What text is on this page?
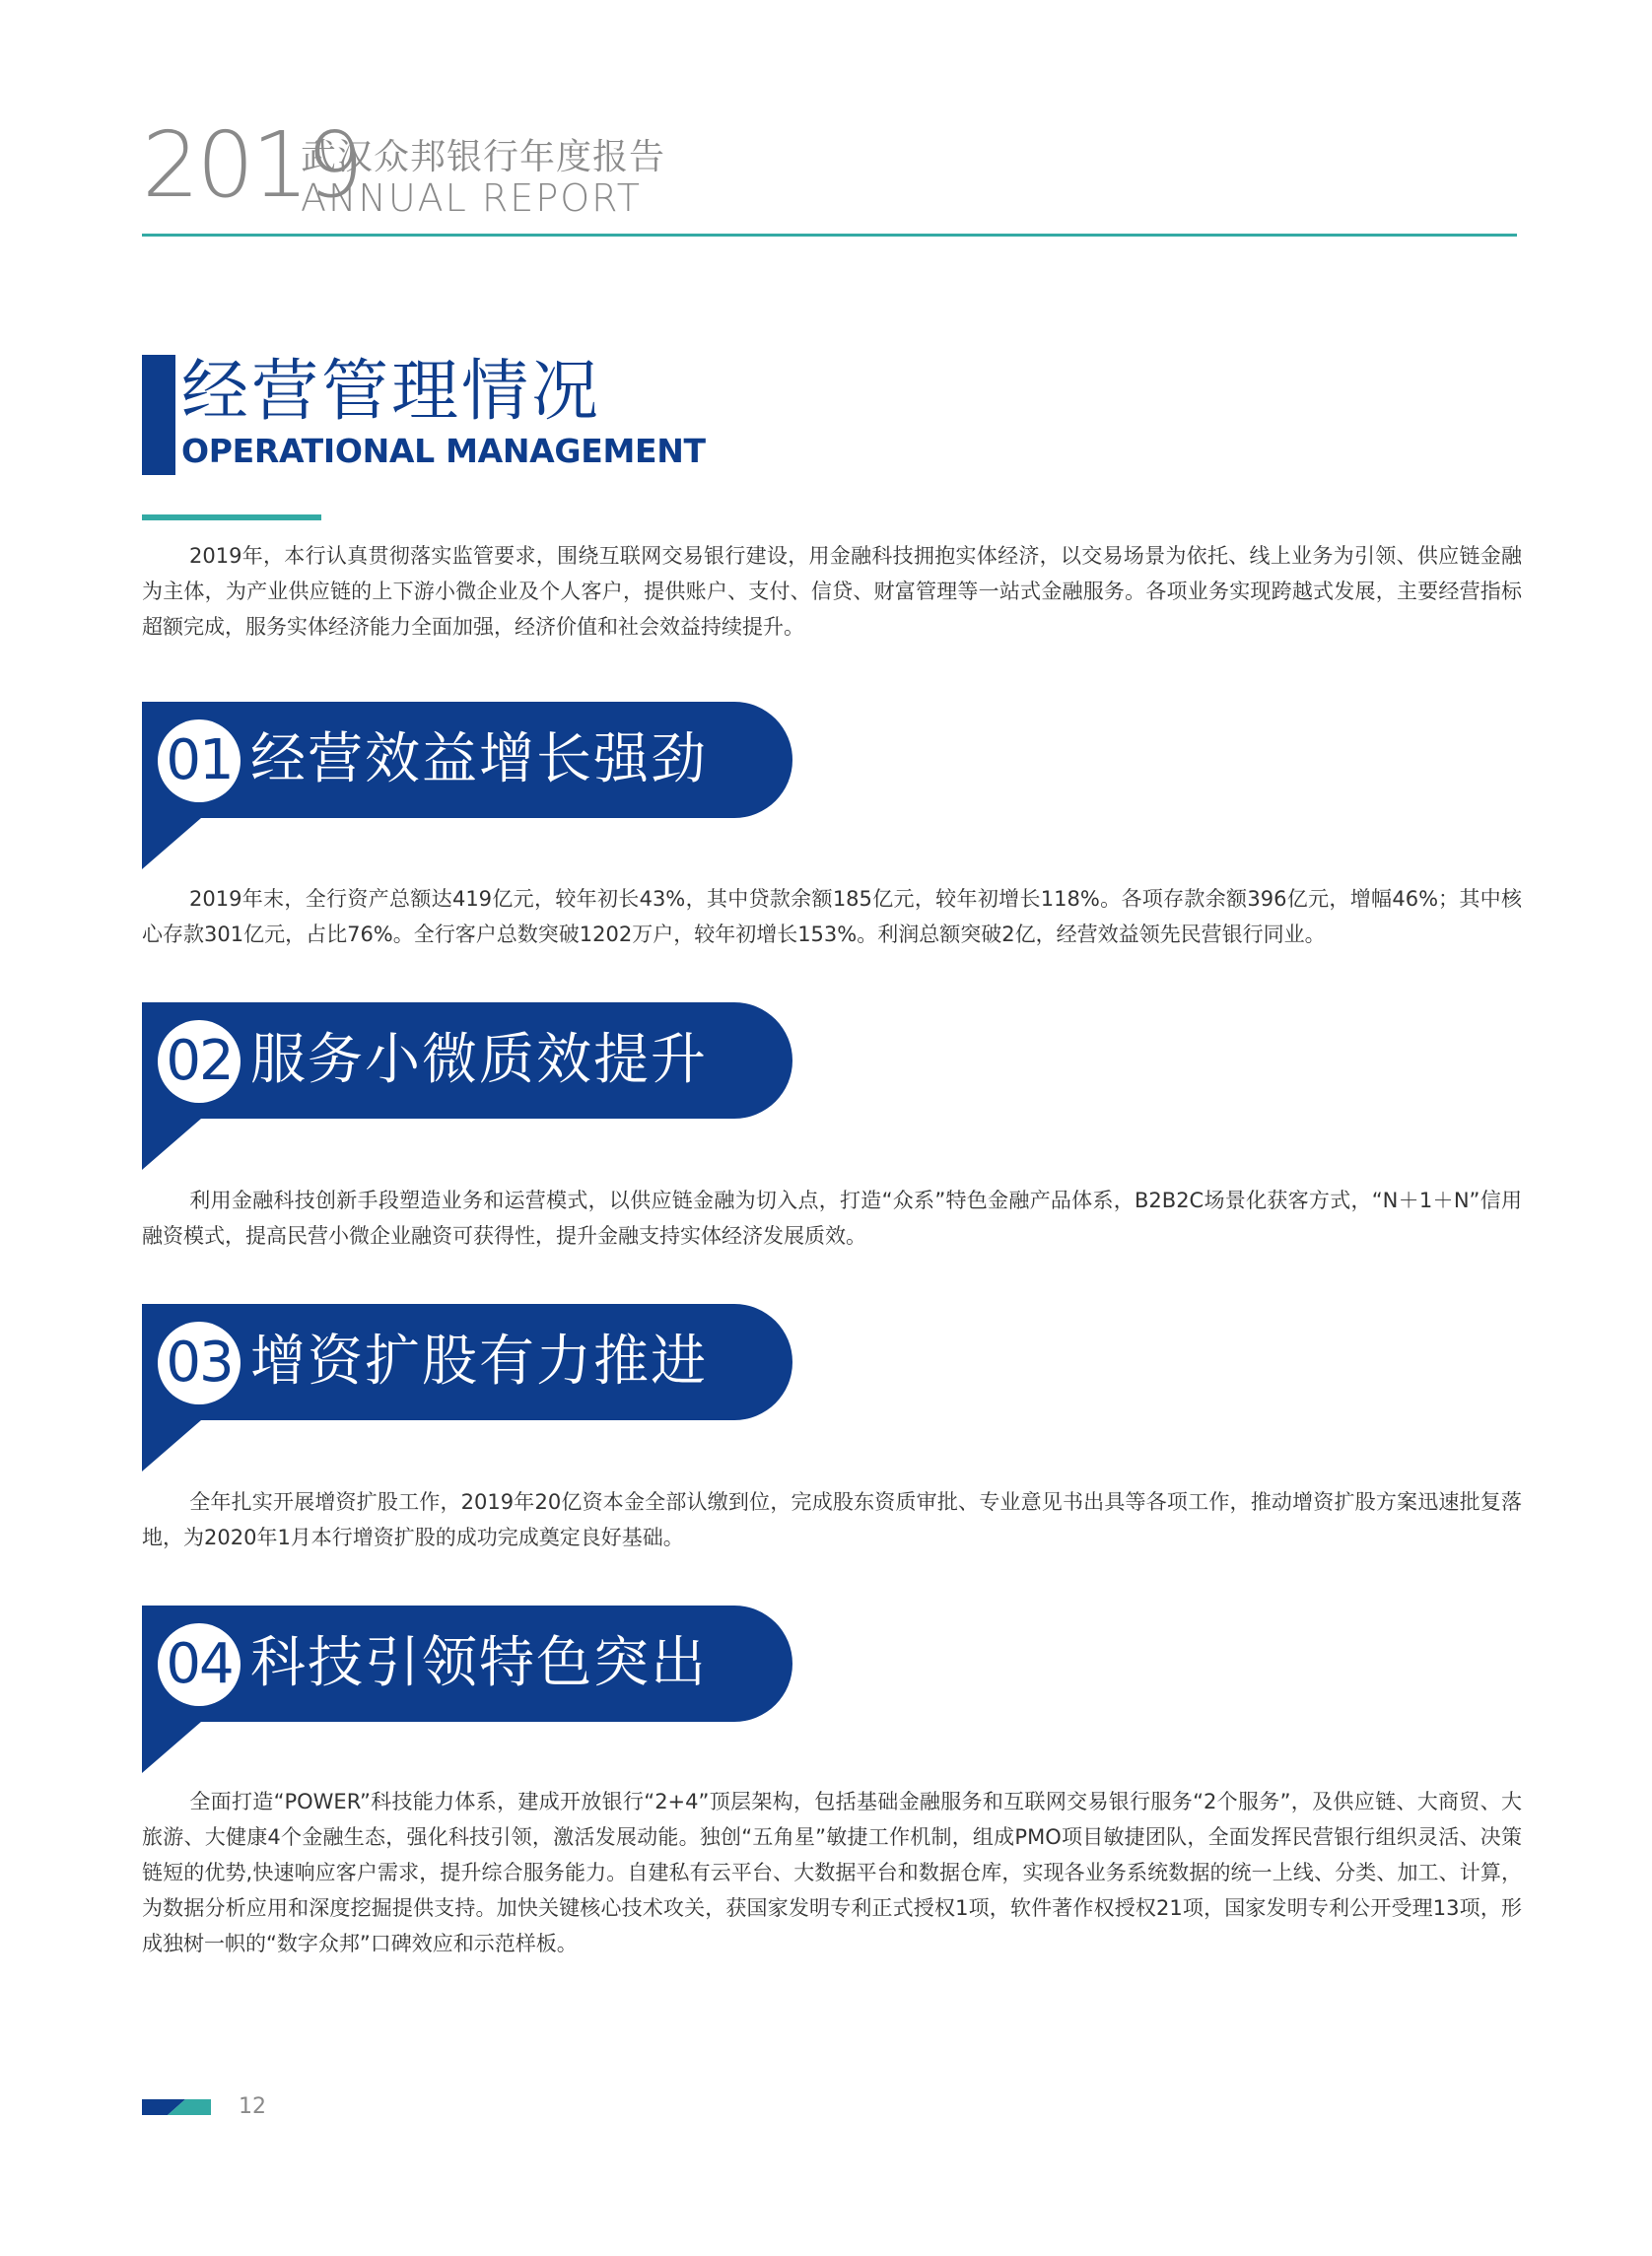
2019
武汉众邦银行年度报告
ANNUAL REPORT
经营管理情况
OPERATIONAL MANAGEMENT
2019年，本行认真贯彻落实监管要求，围绕互联网交易银行建设，用金融科技拥抱实体经济，以交易场景为依托、线上业务为引领、供应链金融为主体，为产业供应链的上下游小微企业及个人客户，提供账户、支付、信贷、财富管理等一站式金融服务。各项业务实现跨越式发展，主要经营指标超额完成，服务实体经济能力全面加强，经济价值和社会效益持续提升。
01 经营效益增长强劲
2019年末，全行资产总额达419亿元，较年初长43%，其中贷款余额185亿元，较年初增长118%。各项存款余额396亿元，增幅46%；其中核心存款301亿元，占比76%。全行客户总数突破1202万户，较年初增长153%。利润总额突破2亿，经营效益领先民营银行同业。
02 服务小微质效提升
利用金融科技创新手段塑造业务和运营模式，以供应链金融为切入点，打造“众系”特色金融产品体系，B2B2C场景化获客方式，“N＋1＋N”信用融资模式，提高民营小微企业融资可获得性，提升金融支持实体经济发展质效。
03 增资扩股有力推进
全年扎实开展增资扩股工作，2019年20亿资本金全部认缴到位，完成股东资质审批、专业意见书出具等各项工作，推动增资扩股方案迅速批复落地，为2020年1月本行增资扩股的成功完成奠定良好基础。
04 科技引领特色突出
全面打造“POWER”科技能力体系，建成开放银行“2+4”顶层架构，包括基础金融服务和互联网交易银行服务“2个服务”，及供应链、大商贸、大旅游、大健康4个金融生态，强化科技引领，激活发展动能。独创“五角星”敏捷工作机制，组成PMO项目敏捷团队，全面发挥民营银行组织灵活、决策链短的优势,快速响应客户需求，提升综合服务能力。自建私有云平台、大数据平台和数据仓库，实现各业务系统数据的统一上线、分类、加工、计算，为数据分析应用和深度挖掘提供支持。加快关键核心技术攻关，获国家发明专利正式授权1项，软件著作权授权21项，国家发明专利公开受理13项，形成独树一帜的“数字众邦”口碑效应和示范样板。
12
